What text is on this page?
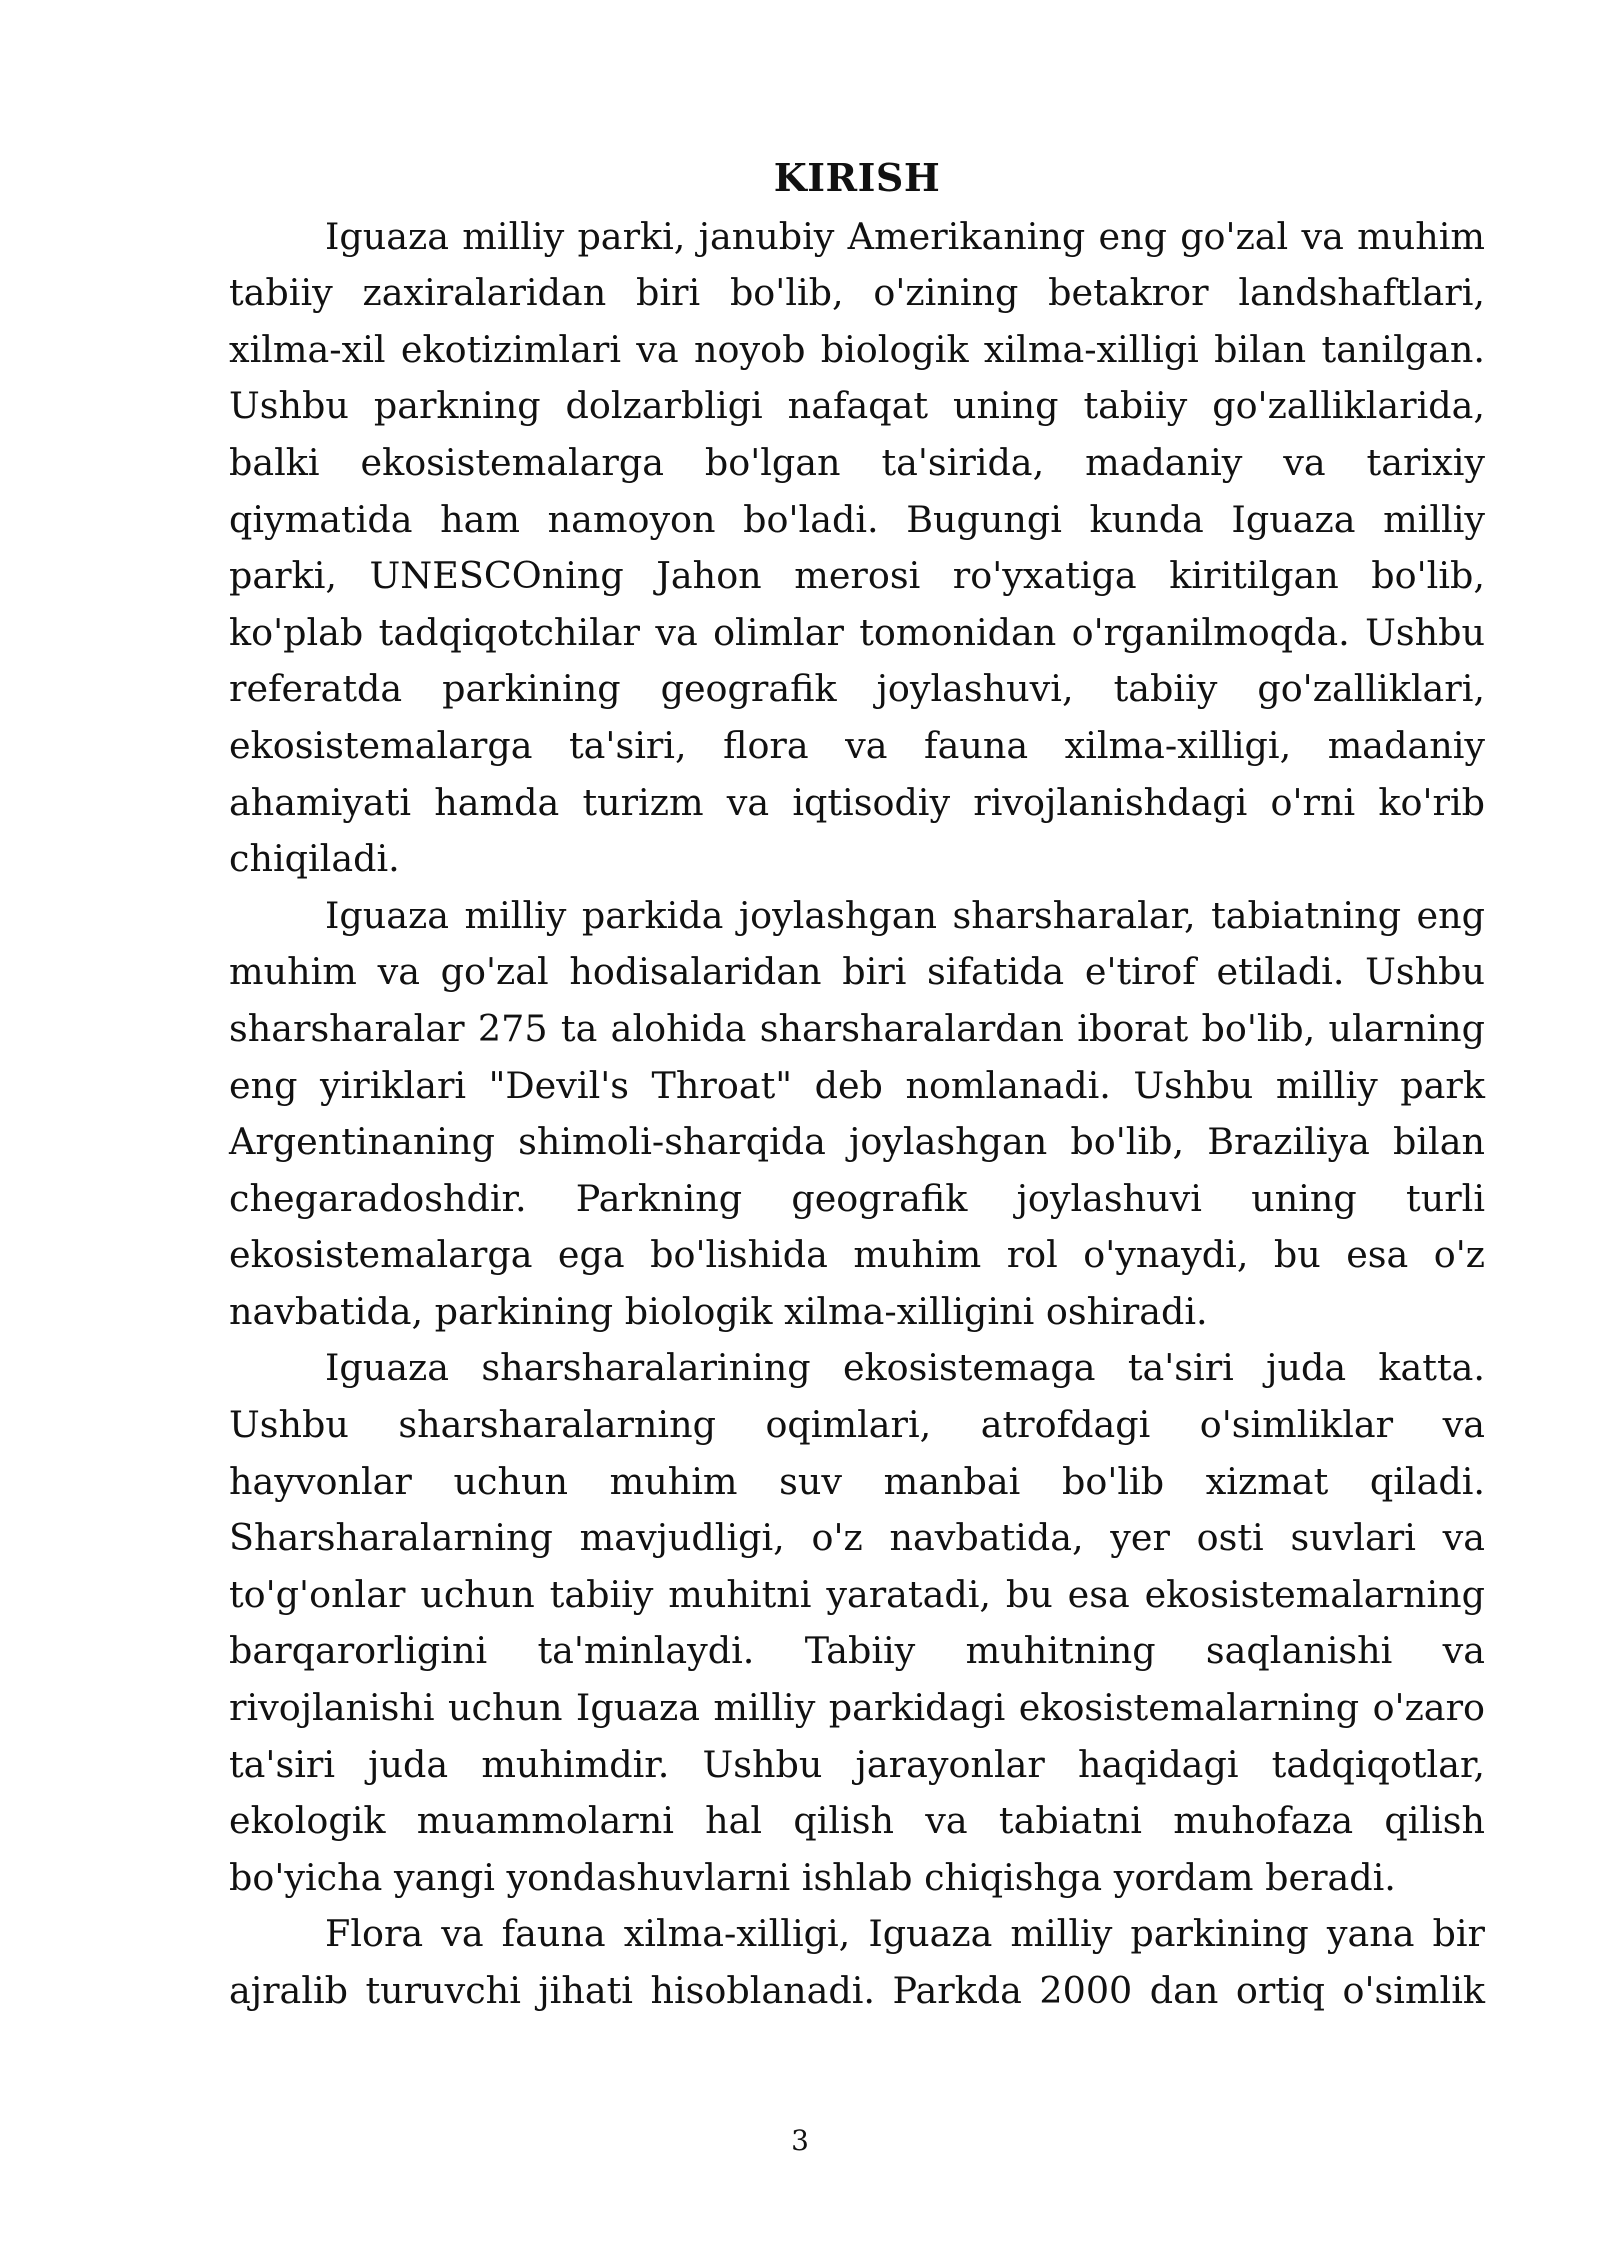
KIRISH

Iguaza milliy parki, janubiy Amerikaning eng go'zal va muhim tabiiy zaxiralaridan biri bo'lib, o'zining betakror landshaftlari, xilma-xil ekotizimlari va noyob biologik xilma-xilligi bilan tanilgan. Ushbu parkning dolzarbligi nafaqat uning tabiiy go'zalliklarida, balki ekosistemalarga bo'lgan ta'sirida, madaniy va tarixiy qiymatida ham namoyon bo'ladi. Bugungi kunda Iguaza milliy parki, UNESCOning Jahon merosi ro'yxatiga kiritilgan bo'lib, ko'plab tadqiqotchilar va olimlar tomonidan o'rganilmoqda. Ushbu referatda parkining geografik joylashuvi, tabiiy go'zalliklari, ekosistemalarga ta'siri, flora va fauna xilma-xilligi, madaniy ahamiyati hamda turizm va iqtisodiy rivojlanishdagi o'rni ko'rib chiqiladi.

Iguaza milliy parkida joylashgan sharsharalar, tabiatning eng muhim va go'zal hodisalaridan biri sifatida e'tirof etiladi. Ushbu sharsharalar 275 ta alohida sharsharalardan iborat bo'lib, ularning eng yiriklari "Devil's Throat" deb nomlanadi. Ushbu milliy park Argentinaning shimoli-sharqida joylashgan bo'lib, Braziliya bilan chegaradoshdir. Parkning geografik joylashuvi uning turli ekosistemalarga ega bo'lishida muhim rol o'ynaydi, bu esa o'z navbatida, parkining biologik xilma-xilligini oshiradi.

Iguaza sharsharalarining ekosistemaga ta'siri juda katta. Ushbu sharsharalarning oqimlari, atrofdagi o'simliklar va hayvonlar uchun muhim suv manbai bo'lib xizmat qiladi. Sharsharalarning mavjudligi, o'z navbatida, yer osti suvlari va to'g'onlar uchun tabiiy muhitni yaratadi, bu esa ekosistemalarning barqarorligini ta'minlaydi. Tabiiy muhitning saqlanishi va rivojlanishi uchun Iguaza milliy parkidagi ekosistemalarning o'zaro ta'siri juda muhimdir. Ushbu jarayonlar haqidagi tadqiqotlar, ekologik muammolarni hal qilish va tabiatni muhofaza qilish bo'yicha yangi yondashuvlarni ishlab chiqishga yordam beradi.

Flora va fauna xilma-xilligi, Iguaza milliy parkining yana bir ajralib turuvchi jihati hisoblanadi. Parkda 2000 dan ortiq o'simlik

3
